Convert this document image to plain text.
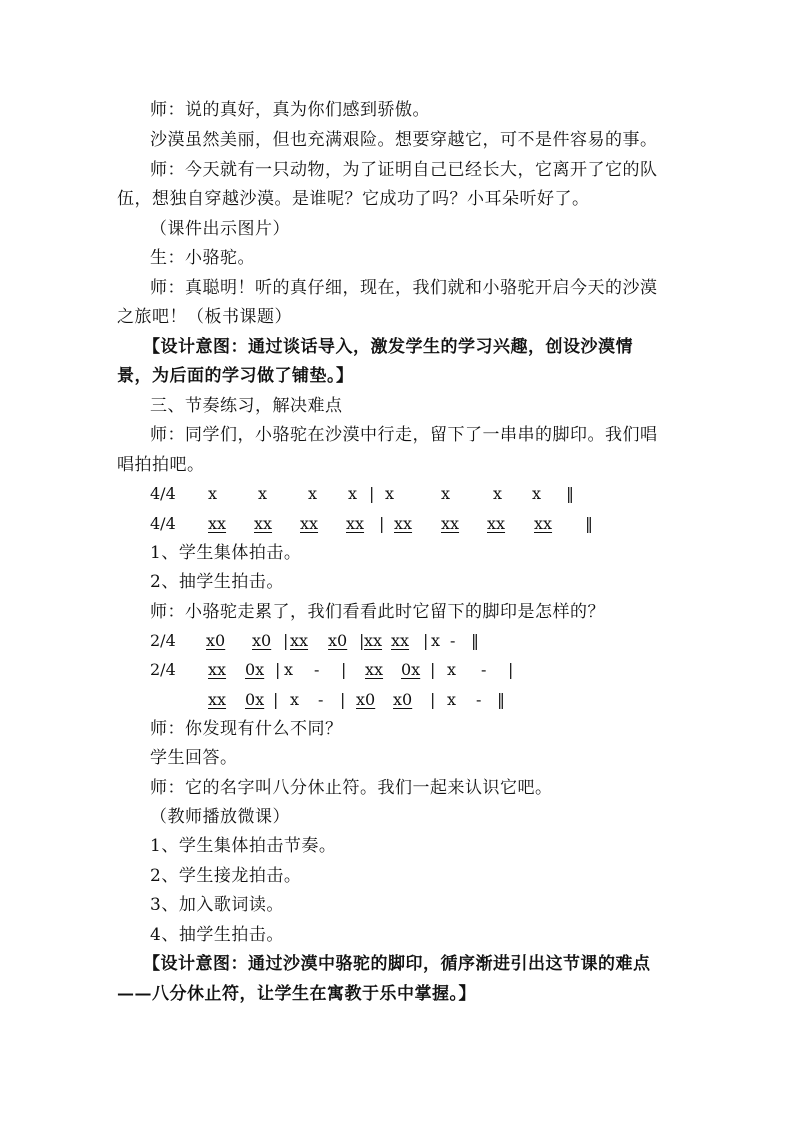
师：说的真好，真为你们感到骄傲。
沙漠虽然美丽，但也充满艰险。想要穿越它，可不是件容易的事。
师：今天就有一只动物，为了证明自己已经长大，它离开了它的队
伍，想独自穿越沙漠。是谁呢？它成功了吗？小耳朵听好了。
（课件出示图片）
生：小骆驼。
师：真聪明！听的真仔细，现在，我们就和小骆驼开启今天的沙漠
之旅吧！（板书课题）
【设计意图：通过谈话导入，激发学生的学习兴趣，创设沙漠情
景，为后面的学习做了铺垫。】
三、节奏练习，解决难点
师：同学们，小骆驼在沙漠中行走，留下了一串串的脚印。我们唱
唱拍拍吧。
4/4 x	x	x x | x	x	x x ‖
4/4 xx xx xx xx | xx xx xx xx ‖
1、学生集体拍击。
2、抽学生拍击。
师：小骆驼走累了，我们看看此时它留下的脚印是怎样的？
2/4 x0 x0 | xx x0 | xx xx | x - ‖
2/4 xx 0x | x - | xx 0x | x - |
xx 0x | x - | x0 x0 | x - ‖
师：你发现有什么不同？
学生回答。
师：它的名字叫八分休止符。我们一起来认识它吧。
（教师播放微课）
1、学生集体拍击节奏。
2、学生接龙拍击。
3、加入歌词读。
4、抽学生拍击。
【设计意图：通过沙漠中骆驼的脚印，循序渐进引出这节课的难点
——八分休止符，让学生在寓教于乐中掌握。】
